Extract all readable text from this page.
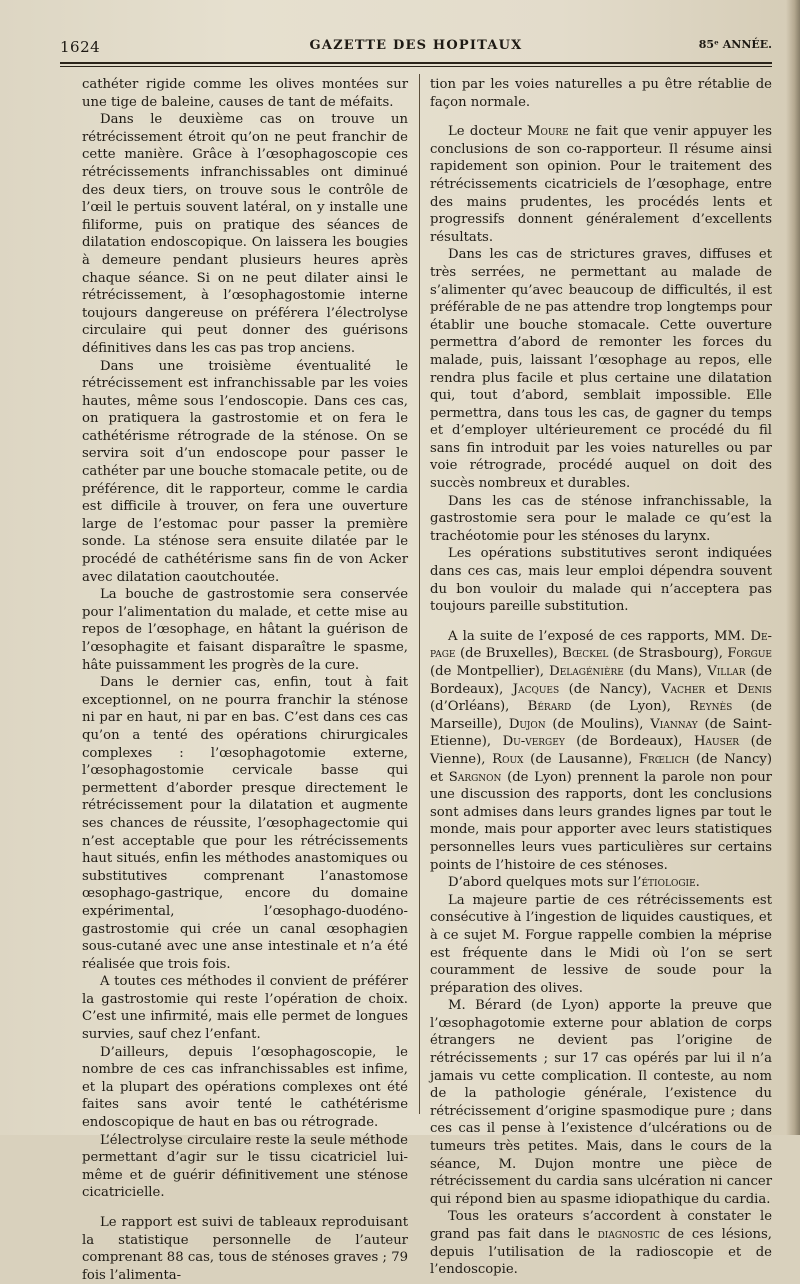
1624	GAZETTE DES HOPITAUX	85ᵉ ANNÉE.

cathéter rigide comme les olives montées sur une tige de baleine, causes de tant de méfaits.

Dans le deuxième cas on trouve un rétrécissement étroit qu’on ne peut franchir de cette manière. Grâce à l’œsophagoscopie ces rétrécissements infranchissables ont diminué des deux tiers, on trouve sous le contrôle de l’œil le pertuis souvent latéral, on y installe une filiforme, puis on pratique des séances de dilatation endoscopique. On laissera les bougies à demeure pendant plusieurs heures après chaque séance. Si on ne peut dilater ainsi le rétrécissement, à l’œsophagostomie interne toujours dangereuse on préférera l’électrolyse circulaire qui peut donner des guérisons définitives dans les cas pas trop anciens.

Dans une troisième éventualité le rétrécissement est infranchissable par les voies hautes, même sous l’endoscopie. Dans ces cas, on pratiquera la gastrostomie et on fera le cathétérisme rétrograde de la sténose. On se servira soit d’un endoscope pour passer le cathéter par une bouche stomacale petite, ou de préférence, dit le rapporteur, comme le cardia est difficile à trouver, on fera une ouverture large de l’estomac pour passer la première sonde. La sténose sera ensuite dilatée par le procédé de cathétérisme sans fin de von Acker avec dilatation caoutchoutée.

La bouche de gastrostomie sera conservée pour l’alimentation du malade, et cette mise au repos de l’œsophage, en hâtant la guérison de l’œsophagite et faisant disparaître le spasme, hâte puissamment les progrès de la cure.

Dans le dernier cas, enfin, tout à fait exceptionnel, on ne pourra franchir la sténose ni par en haut, ni par en bas. C’est dans ces cas qu’on a tenté des opérations chirurgicales complexes : l’œsophagotomie externe, l’œsophagostomie cervicale basse qui permettent d’aborder presque directement le rétrécissement pour la dilatation et augmente ses chances de réussite, l’œsophagectomie qui n’est acceptable que pour les rétrécissements haut situés, enfin les méthodes anastomiques ou substitutives comprenant l’anastomose œsophago-gastrique, encore du domaine expérimental, l’œsophago-duodéno-gastrostomie qui crée un canal œsophagien sous-cutané avec une anse intestinale et n’a été réalisée que trois fois.

A toutes ces méthodes il convient de préférer la gastrostomie qui reste l’opération de choix. C’est une infirmité, mais elle permet de longues survies, sauf chez l’enfant.

D’ailleurs, depuis l’œsophagoscopie, le nombre de ces cas infranchissables est infime, et la plupart des opérations complexes ont été faites sans avoir tenté le cathétérisme endoscopique de haut en bas ou rétrograde.

L’électrolyse circulaire reste la seule méthode permettant d’agir sur le tissu cicatriciel lui-même et de guérir définitivement une sténose cicatricielle.

Le rapport est suivi de tableaux reproduisant la statistique personnelle de l’auteur comprenant 88 cas, tous de sténoses graves ; 79 fois l’alimenta-

tion par les voies naturelles a pu être rétablie de façon normale.

Le docteur Moure ne fait que venir appuyer les conclusions de son co-rapporteur. Il résume ainsi rapidement son opinion. Pour le traitement des rétrécissements cicatriciels de l’œsophage, entre des mains prudentes, les procédés lents et progressifs donnent généralement d’excellents résultats.

Dans les cas de strictures graves, diffuses et très serrées, ne permettant au malade de s’alimenter qu’avec beaucoup de difficultés, il est préférable de ne pas attendre trop longtemps pour établir une bouche stomacale. Cette ouverture permettra d’abord de remonter les forces du malade, puis, laissant l’œsophage au repos, elle rendra plus facile et plus certaine une dilatation qui, tout d’abord, semblait impossible. Elle permettra, dans tous les cas, de gagner du temps et d’employer ultérieurement ce procédé du fil sans fin introduit par les voies naturelles ou par voie rétrograde, procédé auquel on doit des succès nombreux et durables.

Dans les cas de sténose infranchissable, la gastrostomie sera pour le malade ce qu’est la trachéotomie pour les sténoses du larynx.

Les opérations substitutives seront indiquées dans ces cas, mais leur emploi dépendra souvent du bon vouloir du malade qui n’acceptera pas toujours pareille substitution.

A la suite de l’exposé de ces rapports, MM. De-page (de Bruxelles), Bœckel (de Strasbourg), Forgue (de Montpellier), Delagénière (du Mans), Villar (de Bordeaux), Jacques (de Nancy), Vacher et Denis (d’Orléans), Bérard (de Lyon), Reynès (de Marseille), Dujon (de Moulins), Viannay (de Saint-Etienne), Du-vergey (de Bordeaux), Hauser (de Vienne), Roux (de Lausanne), Frœlich (de Nancy) et Sargnon (de Lyon) prennent la parole non pour une discussion des rapports, dont les conclusions sont admises dans leurs grandes lignes par tout le monde, mais pour apporter avec leurs statistiques personnelles leurs vues particulières sur certains points de l’histoire de ces sténoses.

D’abord quelques mots sur l’étiologie.

La majeure partie de ces rétrécissements est consécutive à l’ingestion de liquides caustiques, et à ce sujet M. Forgue rappelle combien la méprise est fréquente dans le Midi où l’on se sert couramment de lessive de soude pour la préparation des olives.

M. Bérard (de Lyon) apporte la preuve que l’œsophagotomie externe pour ablation de corps étrangers ne devient pas l’origine de rétrécissements ; sur 17 cas opérés par lui il n’a jamais vu cette complication. Il conteste, au nom de la pathologie générale, l’existence du rétrécissement d’origine spasmodique pure ; dans ces cas il pense à l’existence d’ulcérations ou de tumeurs très petites. Mais, dans le cours de la séance, M. Dujon montre une pièce de rétrécissement du cardia sans ulcération ni cancer qui répond bien au spasme idiopathique du cardia.

Tous les orateurs s’accordent à constater le grand pas fait dans le diagnostic de ces lésions, depuis l’utilisation de la radioscopie et de l’endoscopie.
